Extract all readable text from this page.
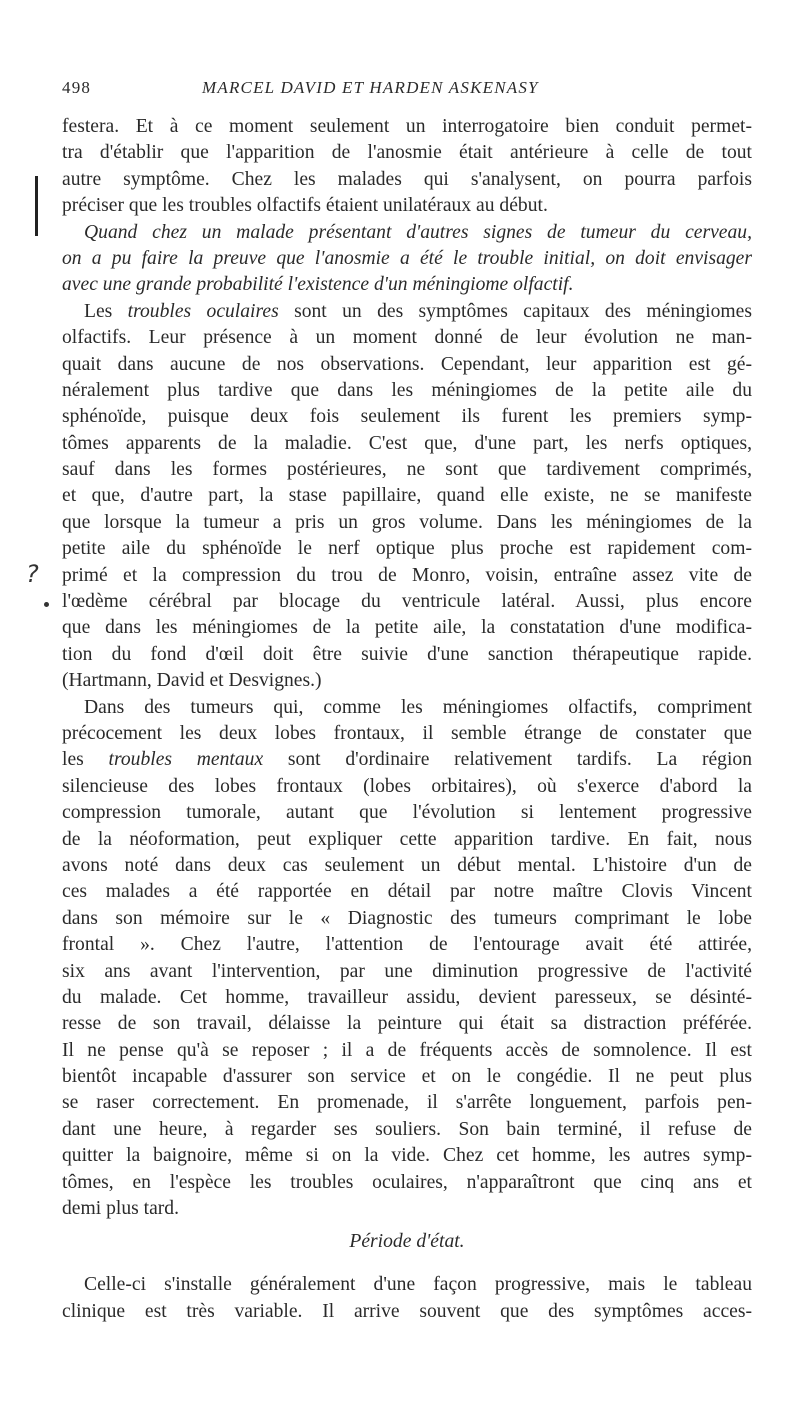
498	MARCEL DAVID ET HARDEN ASKENASY
?
festera. Et à ce moment seulement un interrogatoire bien conduit permet-
tra d'établir que l'apparition de l'anosmie était antérieure à celle de tout
autre symptôme. Chez les malades qui s'analysent, on pourra parfois
préciser que les troubles olfactifs étaient unilatéraux au début.
Quand chez un malade présentant d'autres signes de tumeur du cerveau,
on a pu faire la preuve que l'anosmie a été le trouble initial, on doit envisager
avec une grande probabilité l'existence d'un méningiome olfactif.
Les troubles oculaires sont un des symptômes capitaux des méningiomes
olfactifs. Leur présence à un moment donné de leur évolution ne man-
quait dans aucune de nos observations. Cependant, leur apparition est gé-
néralement plus tardive que dans les méningiomes de la petite aile du
sphénoïde, puisque deux fois seulement ils furent les premiers symp-
tômes apparents de la maladie. C'est que, d'une part, les nerfs optiques,
sauf dans les formes postérieures, ne sont que tardivement comprimés,
et que, d'autre part, la stase papillaire, quand elle existe, ne se manifeste
que lorsque la tumeur a pris un gros volume. Dans les méningiomes de la
petite aile du sphénoïde le nerf optique plus proche est rapidement com-
primé et la compression du trou de Monro, voisin, entraîne assez vite de
l'œdème cérébral par blocage du ventricule latéral. Aussi, plus encore
que dans les méningiomes de la petite aile, la constatation d'une modifica-
tion du fond d'œil doit être suivie d'une sanction thérapeutique rapide.
(Hartmann, David et Desvignes.)
Dans des tumeurs qui, comme les méningiomes olfactifs, compriment
précocement les deux lobes frontaux, il semble étrange de constater que
les troubles mentaux sont d'ordinaire relativement tardifs. La région
silencieuse des lobes frontaux (lobes orbitaires), où s'exerce d'abord la
compression tumorale, autant que l'évolution si lentement progressive
de la néoformation, peut expliquer cette apparition tardive. En fait, nous
avons noté dans deux cas seulement un début mental. L'histoire d'un de
ces malades a été rapportée en détail par notre maître Clovis Vincent
dans son mémoire sur le « Diagnostic des tumeurs comprimant le lobe
frontal ». Chez l'autre, l'attention de l'entourage avait été attirée,
six ans avant l'intervention, par une diminution progressive de l'activité
du malade. Cet homme, travailleur assidu, devient paresseux, se désinté-
resse de son travail, délaisse la peinture qui était sa distraction préférée.
Il ne pense qu'à se reposer ; il a de fréquents accès de somnolence. Il est
bientôt incapable d'assurer son service et on le congédie. Il ne peut plus
se raser correctement. En promenade, il s'arrête longuement, parfois pen-
dant une heure, à regarder ses souliers. Son bain terminé, il refuse de
quitter la baignoire, même si on la vide. Chez cet homme, les autres symp-
tômes, en l'espèce les troubles oculaires, n'apparaîtront que cinq ans et
demi plus tard.
Période d'état.
Celle-ci s'installe généralement d'une façon progressive, mais le tableau
clinique est très variable. Il arrive souvent que des symptômes acces-
